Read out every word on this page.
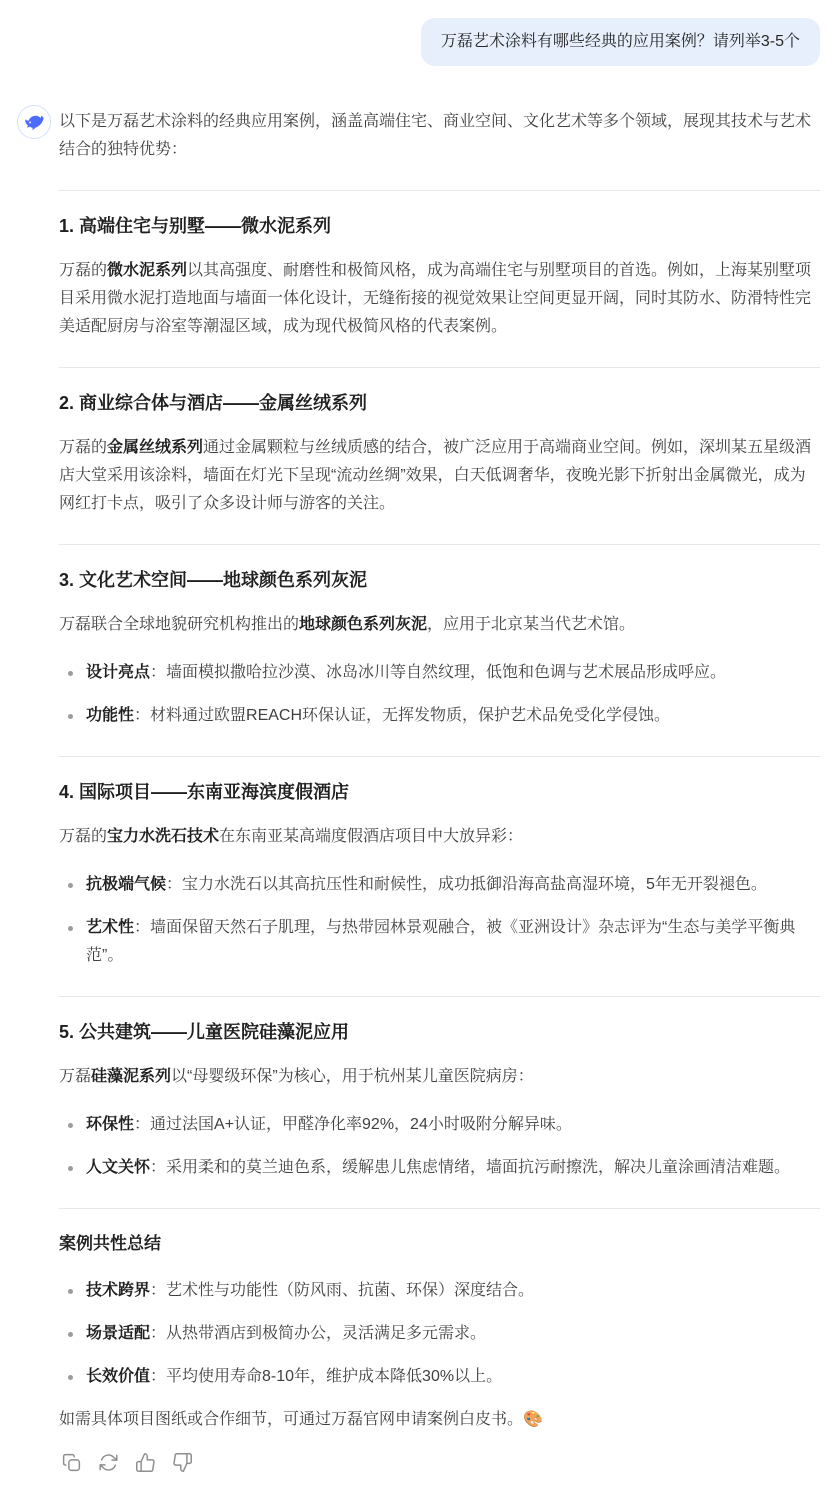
万磊艺术涂料有哪些经典的应用案例？请列举3-5个

以下是万磊艺术涂料的经典应用案例，涵盖高端住宅、商业空间、文化艺术等多个领域，展现其技术与艺术结合的独特优势：

1. 高端住宅与别墅——微水泥系列

万磊的微水泥系列以其高强度、耐磨性和极简风格，成为高端住宅与别墅项目的首选。例如，上海某别墅项目采用微水泥打造地面与墙面一体化设计，无缝衔接的视觉效果让空间更显开阔，同时其防水、防滑特性完美适配厨房与浴室等潮湿区域，成为现代极简风格的代表案例。

2. 商业综合体与酒店——金属丝绒系列

万磊的金属丝绒系列通过金属颗粒与丝绒质感的结合，被广泛应用于高端商业空间。例如，深圳某五星级酒店大堂采用该涂料，墙面在灯光下呈现“流动丝绸”效果，白天低调奢华，夜晚光影下折射出金属微光，成为网红打卡点，吸引了众多设计师与游客的关注。

3. 文化艺术空间——地球颜色系列灰泥

万磊联合全球地貌研究机构推出的地球颜色系列灰泥，应用于北京某当代艺术馆。

设计亮点：墙面模拟撒哈拉沙漠、冰岛冰川等自然纹理，低饱和色调与艺术展品形成呼应。
功能性：材料通过欧盟REACH环保认证，无挥发物质，保护艺术品免受化学侵蚀。
4. 国际项目——东南亚海滨度假酒店

万磊的宝力水洗石技术在东南亚某高端度假酒店项目中大放异彩：

抗极端气候：宝力水洗石以其高抗压性和耐候性，成功抵御沿海高盐高湿环境，5年无开裂褪色。
艺术性：墙面保留天然石子肌理，与热带园林景观融合，被《亚洲设计》杂志评为“生态与美学平衡典范”。
5. 公共建筑——儿童医院硅藻泥应用

万磊硅藻泥系列以“母婴级环保”为核心，用于杭州某儿童医院病房：

环保性：通过法国A+认证，甲醛净化率92%，24小时吸附分解异味。
人文关怀：采用柔和的莫兰迪色系，缓解患儿焦虑情绪，墙面抗污耐擦洗，解决儿童涂画清洁难题。
案例共性总结
技术跨界：艺术性与功能性（防风雨、抗菌、环保）深度结合。
场景适配：从热带酒店到极简办公，灵活满足多元需求。
长效价值：平均使用寿命8-10年，维护成本降低30%以上。

如需具体项目图纸或合作细节，可通过万磊官网申请案例白皮书。🎨
